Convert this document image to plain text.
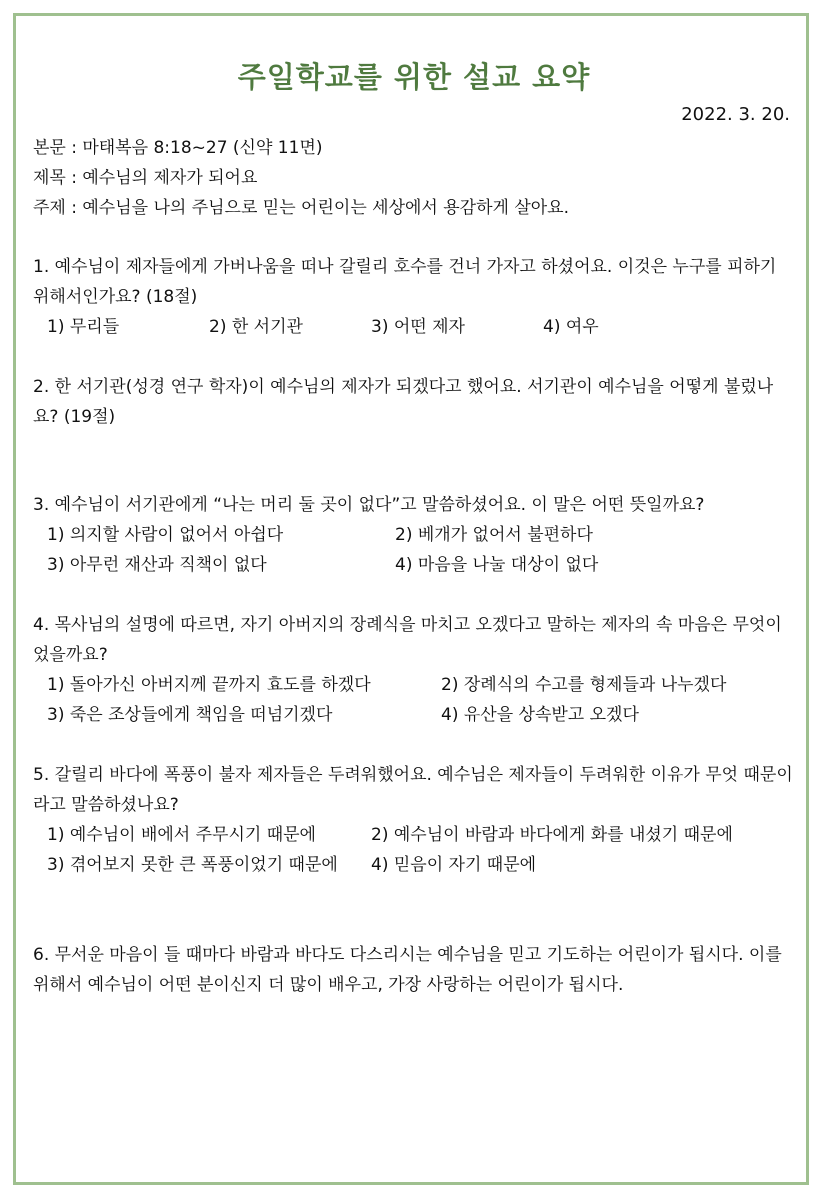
주일학교를 위한 설교 요약
2022. 3. 20.
본문 : 마태복음 8:18~27 (신약 11면)
제목 : 예수님의 제자가 되어요
주제 : 예수님을 나의 주님으로 믿는 어린이는 세상에서 용감하게 살아요.
1. 예수님이 제자들에게 가버나움을 떠나 갈릴리 호수를 건너 가자고 하셨어요. 이것은 누구를 피하기 위해서인가요? (18절)
1) 무리들	2) 한 서기관	3) 어떤 제자	4) 여우
2. 한 서기관(성경 연구 학자)이 예수님의 제자가 되겠다고 했어요. 서기관이 예수님을 어떻게 불렀나요? (19절)
3. 예수님이 서기관에게 “나는 머리 둘 곳이 없다”고 말씀하셨어요. 이 말은 어떤 뜻일까요?
1) 의지할 사람이 없어서 아쉽다	2) 베개가 없어서 불편하다
3) 아무런 재산과 직책이 없다	4) 마음을 나눌 대상이 없다
4. 목사님의 설명에 따르면, 자기 아버지의 장례식을 마치고 오겠다고 말하는 제자의 속 마음은 무엇이었을까요?
1) 돌아가신 아버지께 끝까지 효도를 하겠다	2) 장례식의 수고를 형제들과 나누겠다
3) 죽은 조상들에게 책임을 떠넘기겠다	4) 유산을 상속받고 오겠다
5. 갈릴리 바다에 폭풍이 불자 제자들은 두려워했어요. 예수님은 제자들이 두려워한 이유가 무엇 때문이라고 말씀하셨나요?
1) 예수님이 배에서 주무시기 때문에	2) 예수님이 바람과 바다에게 화를 내셨기 때문에
3) 겪어보지 못한 큰 폭풍이었기 때문에 4) 믿음이 자기 때문에
6. 무서운 마음이 들 때마다 바람과 바다도 다스리시는 예수님을 믿고 기도하는 어린이가 됩시다. 이를 위해서 예수님이 어떤 분이신지 더 많이 배우고, 가장 사랑하는 어린이가 됩시다.
